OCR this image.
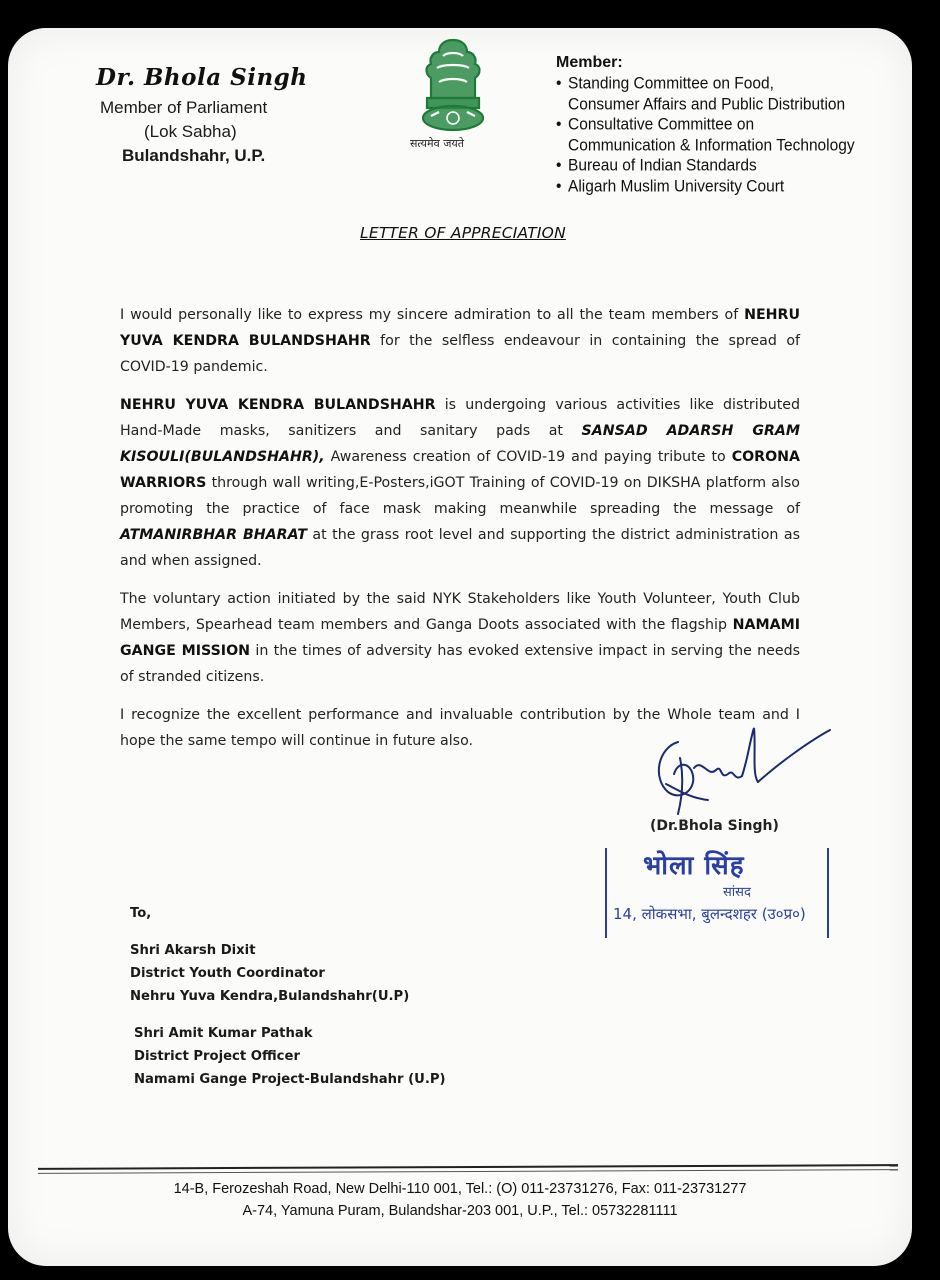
Dr. Bhola Singh
Member of Parliament
(Lok Sabha)
Bulandshahr, U.P.
सत्यमेव जयते
Member:
• Standing Committee on Food,
Consumer Affairs and Public Distribution
• Consultative Committee on
Communication & Information Technology
• Bureau of Indian Standards
• Aligarh Muslim University Court
LETTER OF APPRECIATION

I would personally like to express my sincere admiration to all the team members of NEHRU YUVA KENDRA BULANDSHAHR for the selfless endeavour in containing the spread of COVID-19 pandemic.

NEHRU YUVA KENDRA BULANDSHAHR is undergoing various activities like distributed Hand-Made masks, sanitizers and sanitary pads at SANSAD ADARSH GRAM KISOULI(BULANDSHAHR), Awareness creation of COVID-19 and paying tribute to CORONA WARRIORS through wall writing,E-Posters,iGOT Training of COVID-19 on DIKSHA platform also promoting the practice of face mask making meanwhile spreading the message of ATMANIRBHAR BHARAT at the grass root level and supporting the district administration as and when assigned.

The voluntary action initiated by the said NYK Stakeholders like Youth Volunteer, Youth Club Members, Spearhead team members and Ganga Doots associated with the flagship NAMAMI GANGE MISSION in the times of adversity has evoked extensive impact in serving the needs of stranded citizens.

I recognize the excellent performance and invaluable contribution by the Whole team and I hope the same tempo will continue in future also.

(Dr.Bhola Singh)
भोला सिंह
सांसद
14, लोकसभा, बुलन्दशहर (उ०प्र०)
To,
Shri Akarsh Dixit
District Youth Coordinator
Nehru Yuva Kendra,Bulandshahr(U.P)
Shri Amit Kumar Pathak
District Project Officer
Namami Gange Project-Bulandshahr (U.P)
14-B, Ferozeshah Road, New Delhi-110 001, Tel.: (O) 011-23731276, Fax: 011-23731277
A-74, Yamuna Puram, Bulandshar-203 001, U.P., Tel.: 05732281111
